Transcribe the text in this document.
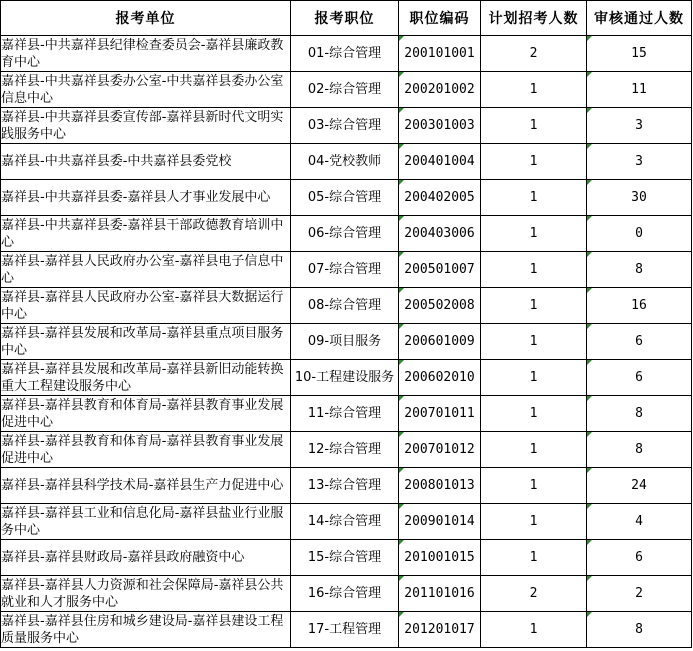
报考单位	报考职位	职位编码	计划招考人数	审核通过人数
嘉祥县-中共嘉祥县纪律检查委员会-嘉祥县廉政教育中心	01-综合管理	200101001	2	15
嘉祥县-中共嘉祥县委办公室-中共嘉祥县委办公室信息中心	02-综合管理	200201002	1	11
嘉祥县-中共嘉祥县委宣传部-嘉祥县新时代文明实践服务中心	03-综合管理	200301003	1	3
嘉祥县-中共嘉祥县委-中共嘉祥县委党校	04-党校教师	200401004	1	3
嘉祥县-中共嘉祥县委-嘉祥县人才事业发展中心	05-综合管理	200402005	1	30
嘉祥县-中共嘉祥县委-嘉祥县干部政德教育培训中心	06-综合管理	200403006	1	0
嘉祥县-嘉祥县人民政府办公室-嘉祥县电子信息中心	07-综合管理	200501007	1	8
嘉祥县-嘉祥县人民政府办公室-嘉祥县大数据运行中心	08-综合管理	200502008	1	16
嘉祥县-嘉祥县发展和改革局-嘉祥县重点项目服务中心	09-项目服务	200601009	1	6
嘉祥县-嘉祥县发展和改革局-嘉祥县新旧动能转换重大工程建设服务中心	10-工程建设服务	200602010	1	6
嘉祥县-嘉祥县教育和体育局-嘉祥县教育事业发展促进中心	11-综合管理	200701011	1	8
嘉祥县-嘉祥县教育和体育局-嘉祥县教育事业发展促进中心	12-综合管理	200701012	1	8
嘉祥县-嘉祥县科学技术局-嘉祥县生产力促进中心	13-综合管理	200801013	1	24
嘉祥县-嘉祥县工业和信息化局-嘉祥县盐业行业服务中心	14-综合管理	200901014	1	4
嘉祥县-嘉祥县财政局-嘉祥县政府融资中心	15-综合管理	201001015	1	6
嘉祥县-嘉祥县人力资源和社会保障局-嘉祥县公共就业和人才服务中心	16-综合管理	201101016	2	2
嘉祥县-嘉祥县住房和城乡建设局-嘉祥县建设工程质量服务中心	17-工程管理	201201017	1	8
